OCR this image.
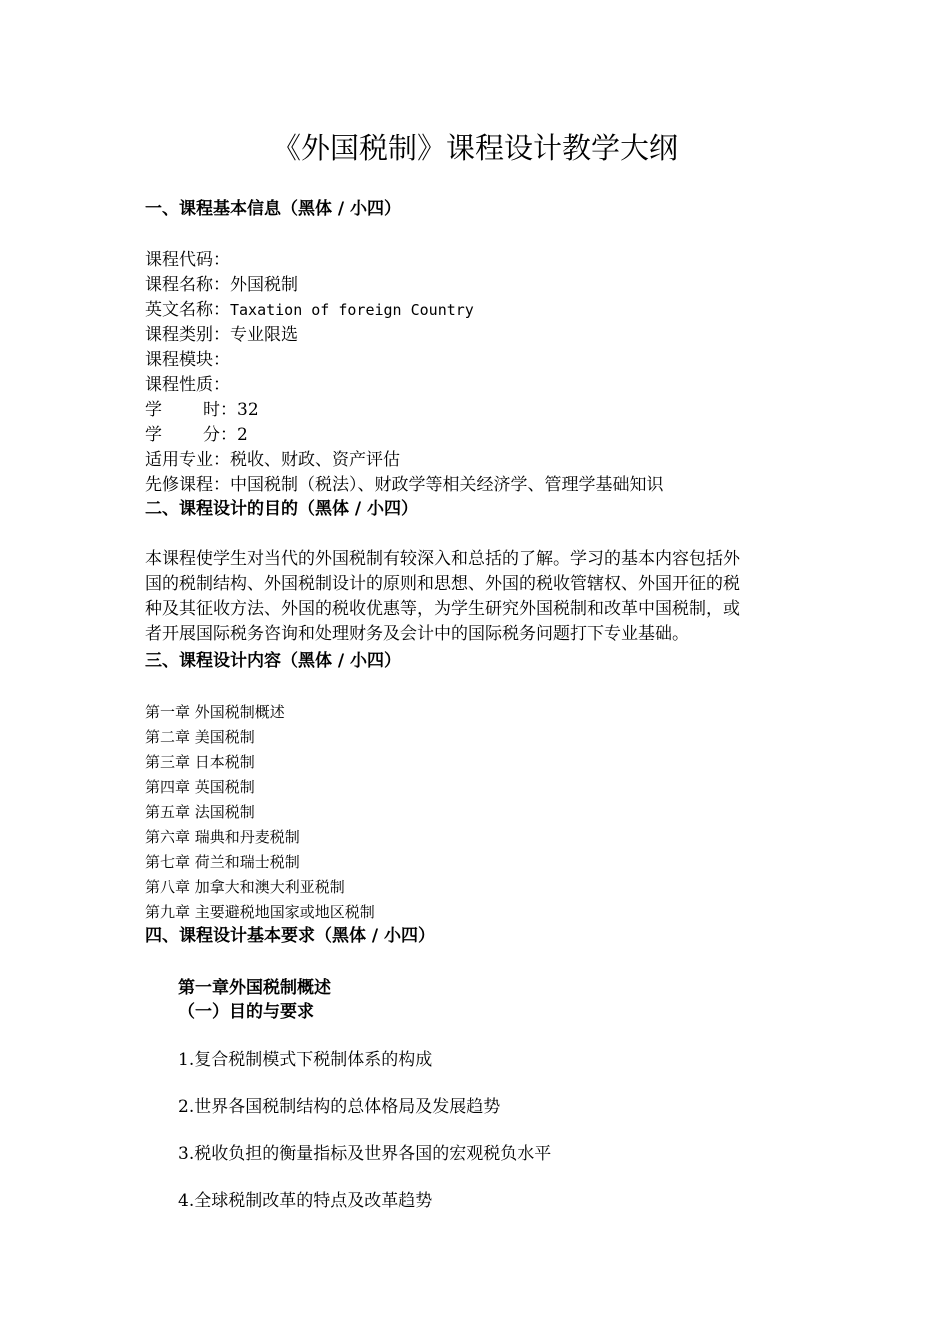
《外国税制》课程设计教学大纲
一、课程基本信息（黑体 / 小四）
课程代码：
课程名称：外国税制
英文名称：Taxation of foreign Country
课程类别：专业限选
课程模块：
课程性质：
学 时： 32
学 分： 2
适用专业：税收、财政、资产评估
先修课程：中国税制（税法）、财政学等相关经济学、管理学基础知识
二、课程设计的目的（黑体 / 小四）
本课程使学生对当代的外国税制有较深入和总括的了解。学习的基本内容包括外
国的税制结构、外国税制设计的原则和思想、外国的税收管辖权、外国开征的税
种及其征收方法、外国的税收优惠等，为学生研究外国税制和改革中国税制，或
者开展国际税务咨询和处理财务及会计中的国际税务问题打下专业基础。
三、课程设计内容（黑体 / 小四）
第一章 外国税制概述
第二章 美国税制
第三章 日本税制
第四章 英国税制
第五章 法国税制
第六章 瑞典和丹麦税制
第七章 荷兰和瑞士税制
第八章 加拿大和澳大利亚税制
第九章 主要避税地国家或地区税制
四、课程设计基本要求（黑体 / 小四）
第一章外国税制概述
（一）目的与要求
1.复合税制模式下税制体系的构成
2.世界各国税制结构的总体格局及发展趋势
3.税收负担的衡量指标及世界各国的宏观税负水平
4.全球税制改革的特点及改革趋势
